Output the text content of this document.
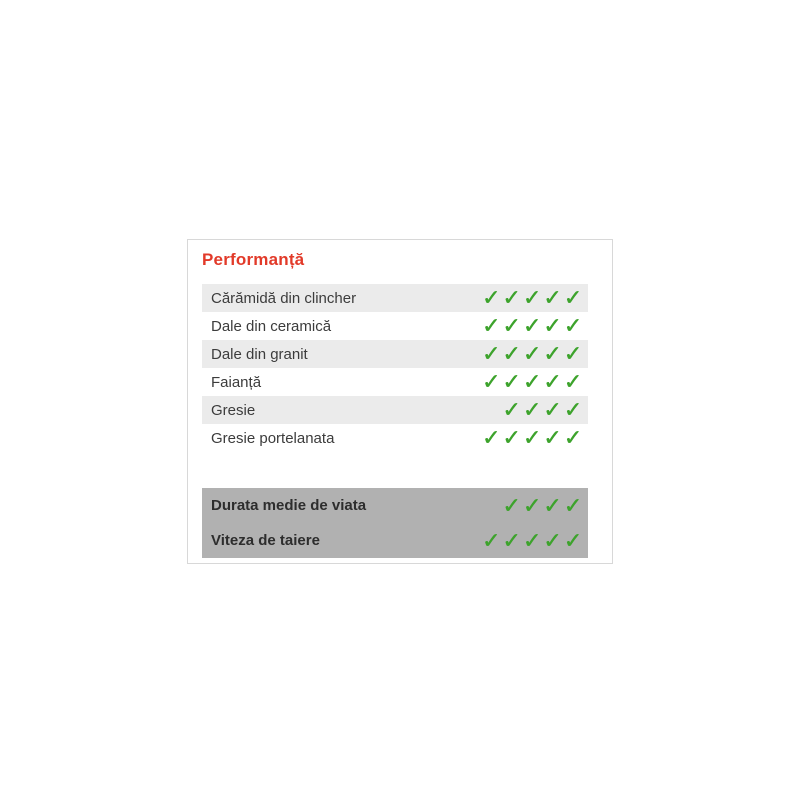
Performanță
Cărămidă din clincher	✓ ✓ ✓ ✓ ✓
Dale din ceramică	✓ ✓ ✓ ✓ ✓
Dale din granit	✓ ✓ ✓ ✓ ✓
Faianță	✓ ✓ ✓ ✓ ✓
Gresie	✓ ✓ ✓ ✓
Gresie portelanata	✓ ✓ ✓ ✓ ✓
Durata medie de viata	✓ ✓ ✓ ✓
Viteza de taiere	✓ ✓ ✓ ✓ ✓
